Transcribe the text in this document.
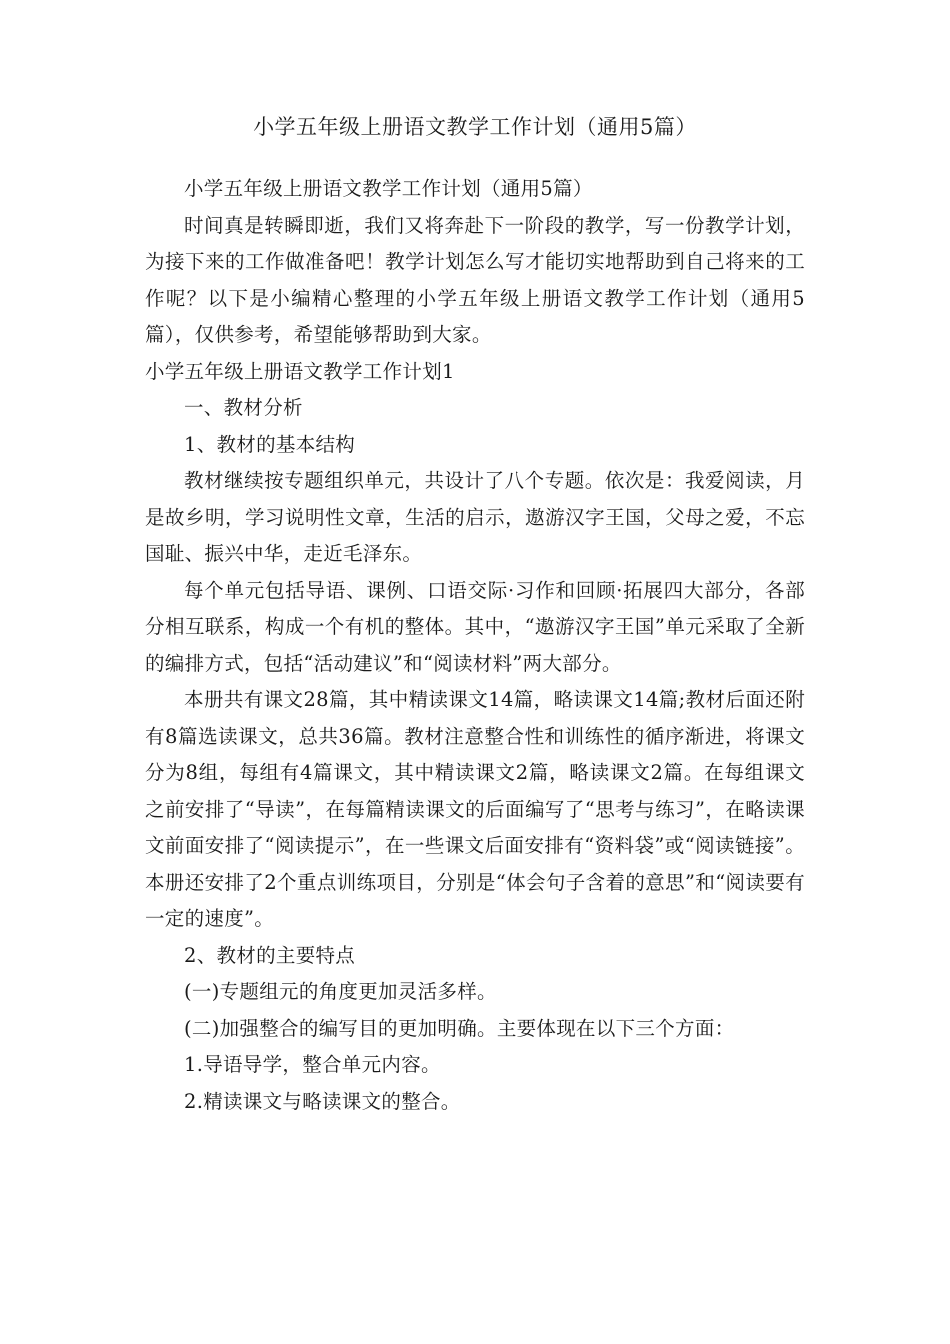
小学五年级上册语文教学工作计划（通用5篇）

小学五年级上册语文教学工作计划（通用5篇）

时间真是转瞬即逝，我们又将奔赴下一阶段的教学，写一份教学计划，为接下来的工作做准备吧！教学计划怎么写才能切实地帮助到自己将来的工作呢？以下是小编精心整理的小学五年级上册语文教学工作计划（通用5篇），仅供参考，希望能够帮助到大家。

小学五年级上册语文教学工作计划1

一、教材分析

1、教材的基本结构

教材继续按专题组织单元，共设计了八个专题。依次是：我爱阅读，月是故乡明，学习说明性文章，生活的启示，遨游汉字王国，父母之爱，不忘国耻、振兴中华，走近毛泽东。

每个单元包括导语、课例、口语交际·习作和回顾·拓展四大部分，各部分相互联系，构成一个有机的整体。其中，“遨游汉字王国”单元采取了全新的编排方式，包括“活动建议”和“阅读材料”两大部分。

本册共有课文28篇，其中精读课文14篇，略读课文14篇;教材后面还附有8篇选读课文，总共36篇。教材注意整合性和训练性的循序渐进，将课文分为8组，每组有4篇课文，其中精读课文2篇，略读课文2篇。在每组课文之前安排了“导读”，在每篇精读课文的后面编写了“思考与练习”，在略读课文前面安排了“阅读提示”，在一些课文后面安排有“资料袋”或“阅读链接”。本册还安排了2个重点训练项目，分别是“体会句子含着的意思”和“阅读要有一定的速度”。

2、教材的主要特点

(一)专题组元的角度更加灵活多样。

(二)加强整合的编写目的更加明确。主要体现在以下三个方面：

1.导语导学，整合单元内容。

2.精读课文与略读课文的整合。
